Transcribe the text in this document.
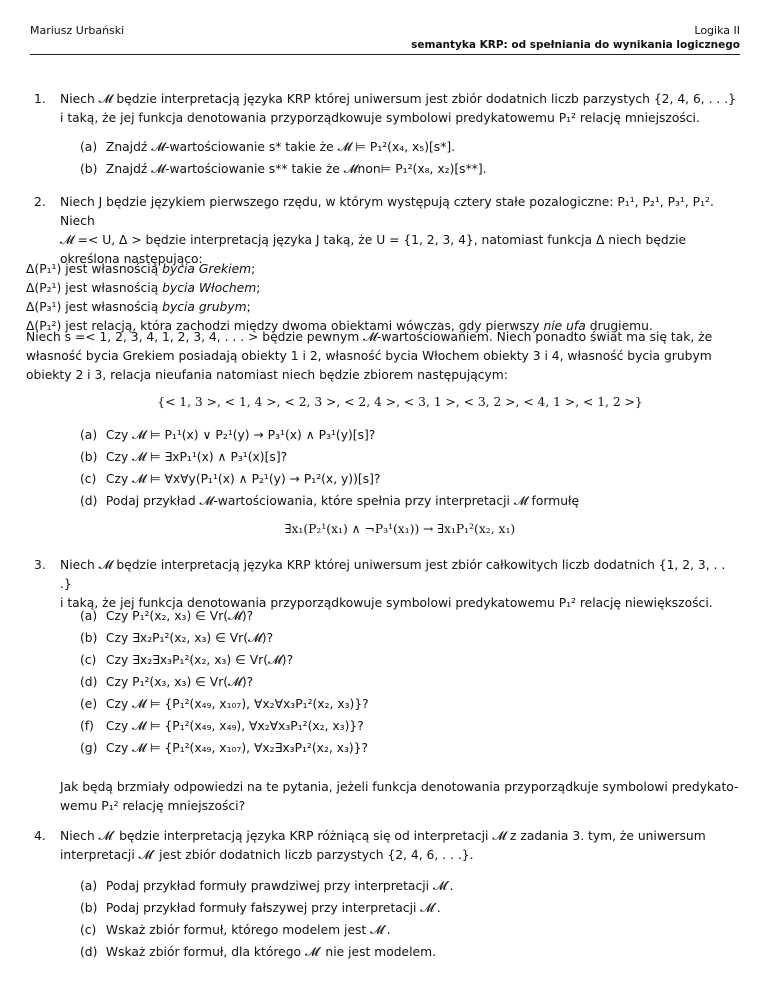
Mariusz Urbański	Logika II
semantyka KRP: od spełniania do wynikania logicznego
1. Niech 𝓜 będzie interpretacją języka KRP której uniwersum jest zbiór dodatnich liczb parzystych {2, 4, 6, . . .}
i taką, że jej funkcja denotowania przyporządkowuje symbolowi predykatowemu P₁² relację mniejszości.
(a) Znajdź 𝓜-wartościowanie s* takie że 𝓜 ⊨ P₁²(x₄, x₅)[s*].
(b) Znajdź 𝓜-wartościowanie s** takie że 𝓜non⊨ P₁²(x₈, x₂)[s**].
2. Niech J będzie językiem pierwszego rzędu, w którym występują cztery stałe pozalogiczne: P₁¹, P₂¹, P₃¹, P₁². Niech
𝓜 =< U, Δ > będzie interpretacją języka J taką, że U = {1, 2, 3, 4}, natomiast funkcja Δ niech będzie
określona następująco:
Δ(P₁¹) jest własnością bycia Grekiem;
Δ(P₂¹) jest własnością bycia Włochem;
Δ(P₃¹) jest własnością bycia grubym;
Δ(P₁²) jest relacją, która zachodzi między dwoma obiektami wówczas, gdy pierwszy nie ufa drugiemu.
Niech s =< 1, 2, 3, 4, 1, 2, 3, 4, . . . > będzie pewnym 𝓜-wartościowaniem. Niech ponadto świat ma się tak, że
własność bycia Grekiem posiadają obiekty 1 i 2, własność bycia Włochem obiekty 3 i 4, własność bycia grubym
obiekty 2 i 3, relacja nieufania natomiast niech będzie zbiorem następującym:
{< 1, 3 >, < 1, 4 >, < 2, 3 >, < 2, 4 >, < 3, 1 >, < 3, 2 >, < 4, 1 >, < 1, 2 >}
(a) Czy 𝓜 ⊨ P₁¹(x) ∨ P₂¹(y) → P₃¹(x) ∧ P₃¹(y)[s]?
(b) Czy 𝓜 ⊨ ∃xP₁¹(x) ∧ P₃¹(x)[s]?
(c) Czy 𝓜 ⊨ ∀x∀y(P₁¹(x) ∧ P₂¹(y) → P₁²(x, y))[s]?
(d) Podaj przykład 𝓜-wartościowania, które spełnia przy interpretacji 𝓜 formułę
∃x₁(P₂¹(x₁) ∧ ¬P₃¹(x₁)) → ∃x₁P₁²(x₂, x₁)
3. Niech 𝓜 będzie interpretacją języka KRP której uniwersum jest zbiór całkowitych liczb dodatnich {1, 2, 3, . . .}
i taką, że jej funkcja denotowania przyporządkowuje symbolowi predykatowemu P₁² relację niewiększości.
(a) Czy P₁²(x₂, x₃) ∈ Vr(𝓜)?
(b) Czy ∃x₂P₁²(x₂, x₃) ∈ Vr(𝓜)?
(c) Czy ∃x₂∃x₃P₁²(x₂, x₃) ∈ Vr(𝓜)?
(d) Czy P₁²(x₃, x₃) ∈ Vr(𝓜)?
(e) Czy 𝓜 ⊨ {P₁²(x₄₉, x₁₀₇), ∀x₂∀x₃P₁²(x₂, x₃)}?
(f) Czy 𝓜 ⊨ {P₁²(x₄₉, x₄₉), ∀x₂∀x₃P₁²(x₂, x₃)}?
(g) Czy 𝓜 ⊨ {P₁²(x₄₉, x₁₀₇), ∀x₂∃x₃P₁²(x₂, x₃)}?
Jak będą brzmiały odpowiedzi na te pytania, jeżeli funkcja denotowania przyporządkuje symbolowi predykato-
wemu P₁² relację mniejszości?
4. Niech 𝓜′ będzie interpretacją języka KRP różniącą się od interpretacji 𝓜 z zadania 3. tym, że uniwersum
interpretacji 𝓜′ jest zbiór dodatnich liczb parzystych {2, 4, 6, . . .}.
(a) Podaj przykład formuły prawdziwej przy interpretacji 𝓜′.
(b) Podaj przykład formuły fałszywej przy interpretacji 𝓜′.
(c) Wskaż zbiór formuł, którego modelem jest 𝓜′.
(d) Wskaż zbiór formuł, dla którego 𝓜′ nie jest modelem.
